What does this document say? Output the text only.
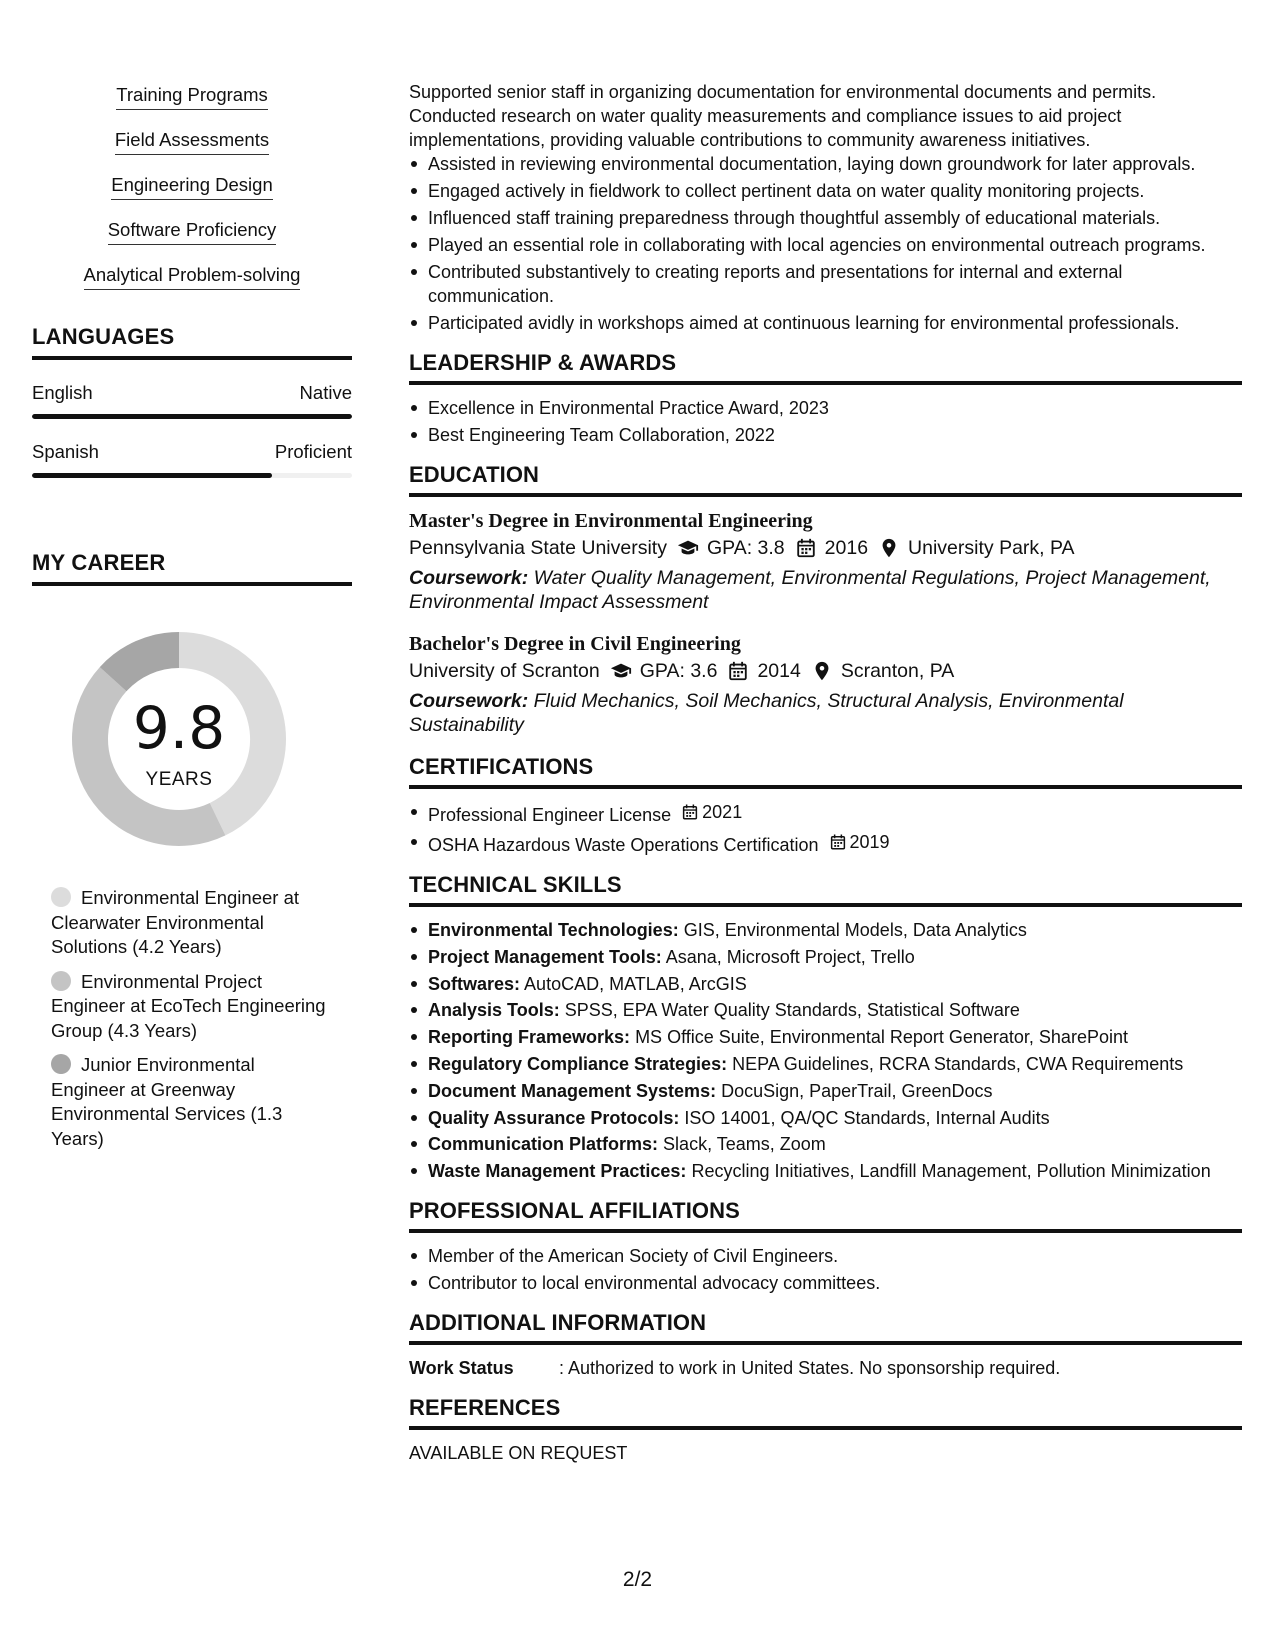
Training Programs
Field Assessments
Engineering Design
Software Proficiency
Analytical Problem-solving
LANGUAGES
English	Native
Spanish	Proficient
MY CAREER
9.8
YEARS
Environmental Engineer at Clearwater Environmental Solutions (4.2 Years)
Environmental Project Engineer at EcoTech Engineering Group (4.3 Years)
Junior Environmental Engineer at Greenway Environmental Services (1.3 Years)

Supported senior staff in organizing documentation for environmental documents and permits. Conducted research on water quality measurements and compliance issues to aid project implementations, providing valuable contributions to community awareness initiatives.

Assisted in reviewing environmental documentation, laying down groundwork for later approvals.
Engaged actively in fieldwork to collect pertinent data on water quality monitoring projects.
Influenced staff training preparedness through thoughtful assembly of educational materials.
Played an essential role in collaborating with local agencies on environmental outreach programs.
Contributed substantively to creating reports and presentations for internal and external communication.
Participated avidly in workshops aimed at continuous learning for environmental professionals.
LEADERSHIP & AWARDS
Excellence in Environmental Practice Award, 2023
Best Engineering Team Collaboration, 2022
EDUCATION
Master's Degree in Environmental Engineering
Pennsylvania State University GPA: 3.8 2016 University Park, PA
Coursework: Water Quality Management, Environmental Regulations, Project Management, Environmental Impact Assessment
Bachelor's Degree in Civil Engineering
University of Scranton GPA: 3.6 2014 Scranton, PA
Coursework: Fluid Mechanics, Soil Mechanics, Structural Analysis, Environmental Sustainability
CERTIFICATIONS
Professional Engineer License 2021
OSHA Hazardous Waste Operations Certification 2019
TECHNICAL SKILLS
Environmental Technologies: GIS, Environmental Models, Data Analytics
Project Management Tools: Asana, Microsoft Project, Trello
Softwares: AutoCAD, MATLAB, ArcGIS
Analysis Tools: SPSS, EPA Water Quality Standards, Statistical Software
Reporting Frameworks: MS Office Suite, Environmental Report Generator, SharePoint
Regulatory Compliance Strategies: NEPA Guidelines, RCRA Standards, CWA Requirements
Document Management Systems: DocuSign, PaperTrail, GreenDocs
Quality Assurance Protocols: ISO 14001, QA/QC Standards, Internal Audits
Communication Platforms: Slack, Teams, Zoom
Waste Management Practices: Recycling Initiatives, Landfill Management, Pollution Minimization
PROFESSIONAL AFFILIATIONS
Member of the American Society of Civil Engineers.
Contributor to local environmental advocacy committees.
ADDITIONAL INFORMATION
Work Status	: Authorized to work in United States. No sponsorship required.
REFERENCES
AVAILABLE ON REQUEST
2/2
